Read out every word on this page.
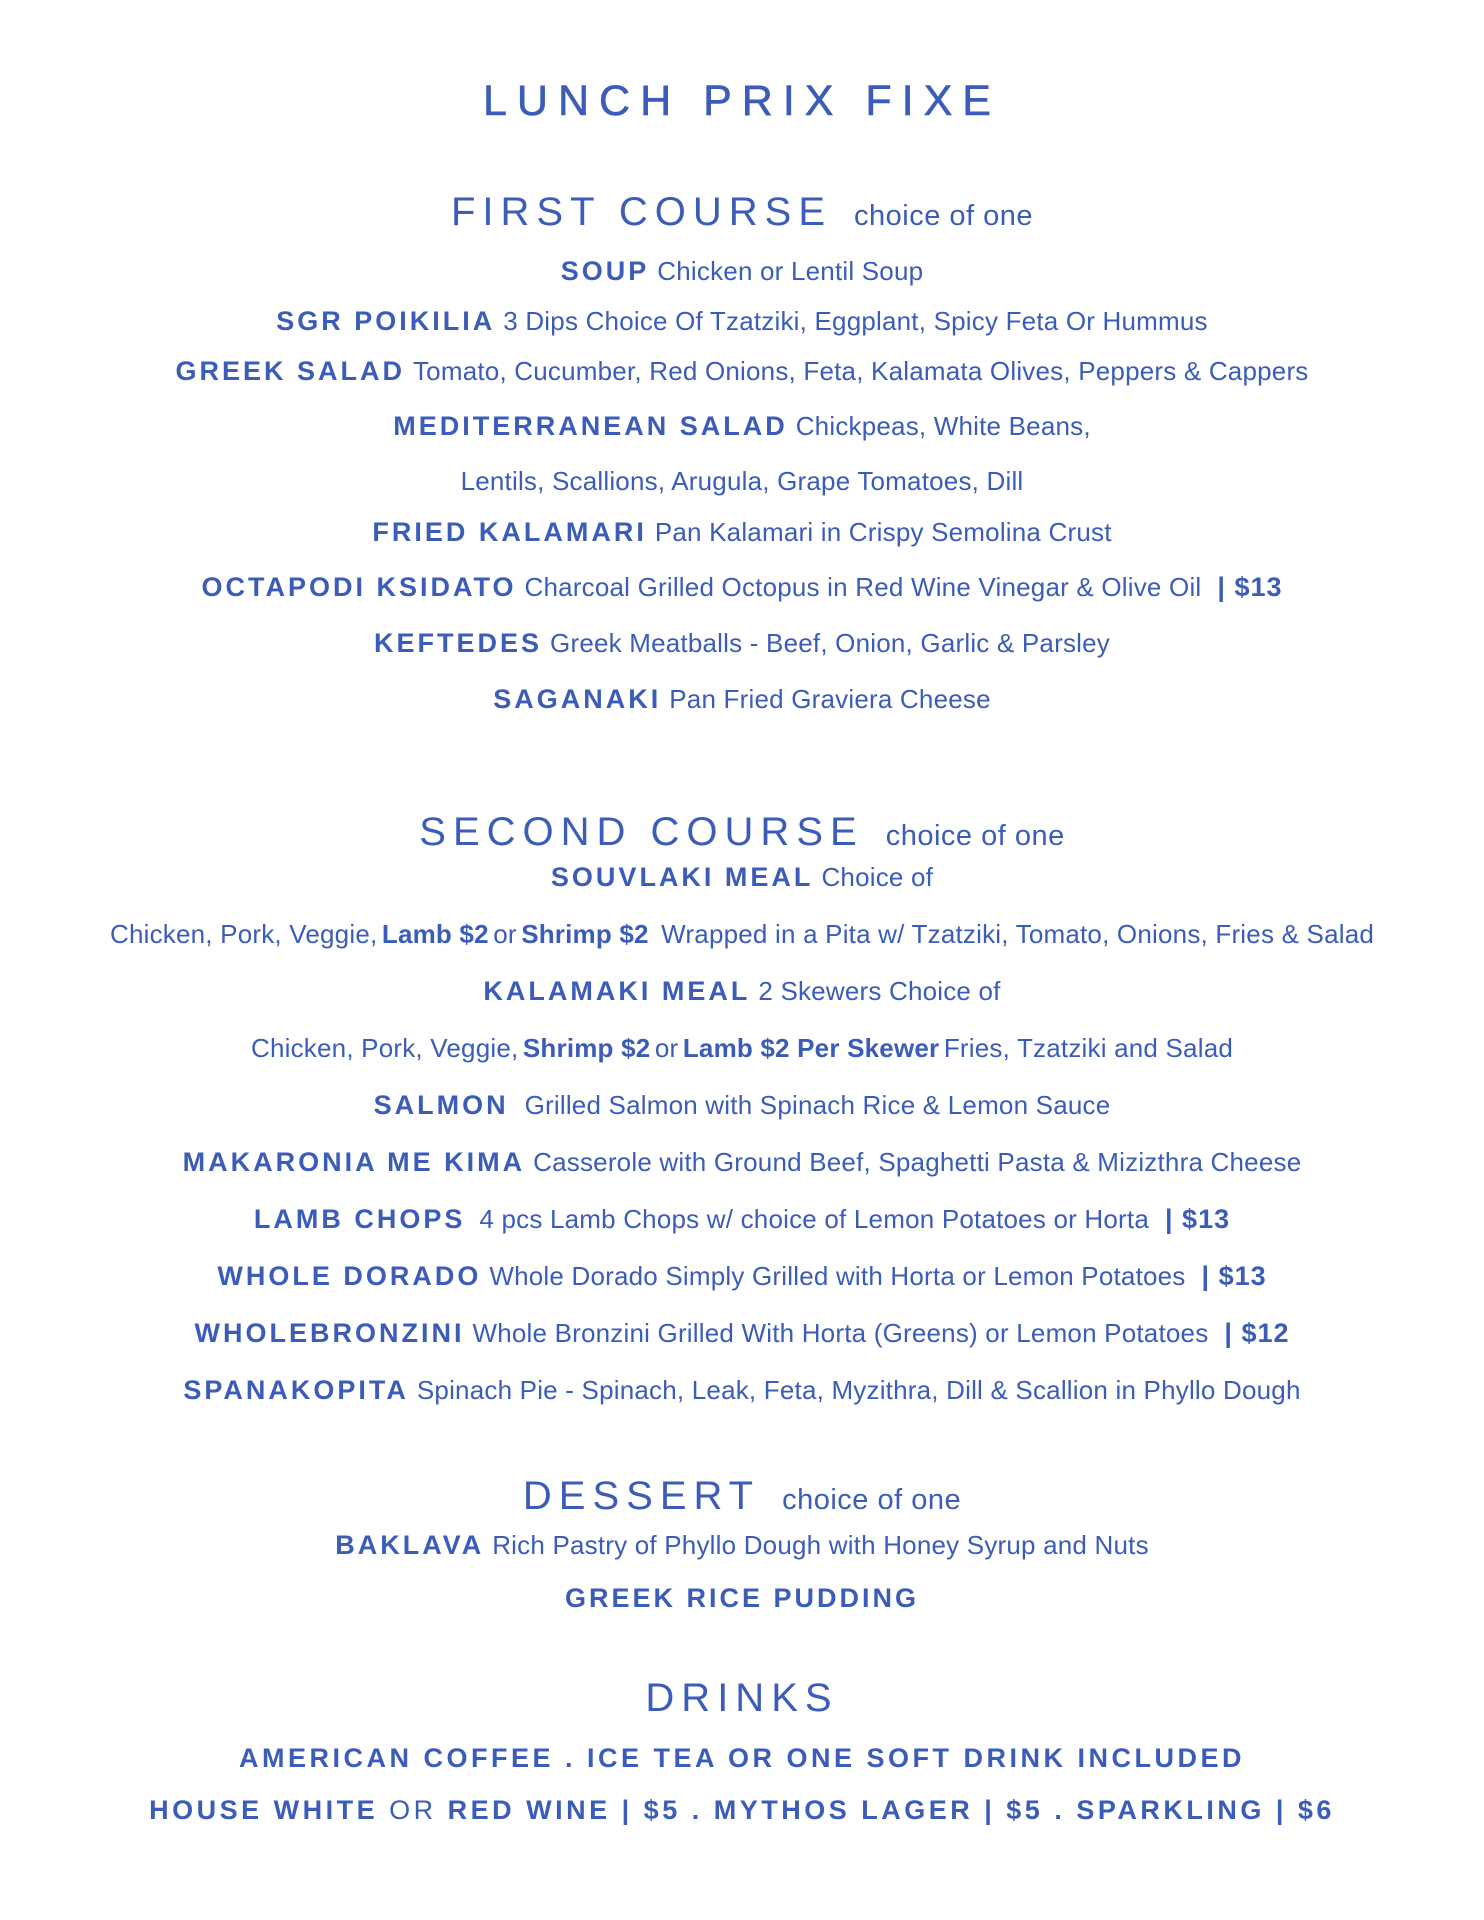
LUNCH PRIX FIXE
FIRST COURSE choice of one
SOUP Chicken or Lentil Soup
SGR POIKILIA 3 Dips Choice Of Tzatziki, Eggplant, Spicy Feta Or Hummus
GREEK SALAD Tomato, Cucumber, Red Onions, Feta, Kalamata Olives, Peppers & Cappers
MEDITERRANEAN SALAD Chickpeas, White Beans,
Lentils, Scallions, Arugula, Grape Tomatoes, Dill
FRIED KALAMARI Pan Kalamari in Crispy Semolina Crust
OCTAPODI KSIDATO Charcoal Grilled Octopus in Red Wine Vinegar & Olive Oil | $13
KEFTEDES Greek Meatballs - Beef, Onion, Garlic & Parsley
SAGANAKI Pan Fried Graviera Cheese
SECOND COURSE choice of one
SOUVLAKI MEAL Choice of
Chicken, Pork, Veggie, Lamb $2 or Shrimp $2 Wrapped in a Pita w/ Tzatziki, Tomato, Onions, Fries & Salad
KALAMAKI MEAL 2 Skewers Choice of
Chicken, Pork, Veggie, Shrimp $2 or Lamb $2 Per Skewer Fries, Tzatziki and Salad
SALMON Grilled Salmon with Spinach Rice & Lemon Sauce
MAKARONIA ME KIMA Casserole with Ground Beef, Spaghetti Pasta & Mizizthra Cheese
LAMB CHOPS 4 pcs Lamb Chops w/ choice of Lemon Potatoes or Horta | $13
WHOLE DORADO Whole Dorado Simply Grilled with Horta or Lemon Potatoes | $13
WHOLEBRONZINI Whole Bronzini Grilled With Horta (Greens) or Lemon Potatoes | $12
SPANAKOPITA Spinach Pie - Spinach, Leak, Feta, Myzithra, Dill & Scallion in Phyllo Dough
DESSERT choice of one
BAKLAVA Rich Pastry of Phyllo Dough with Honey Syrup and Nuts
GREEK RICE PUDDING
DRINKS
AMERICAN COFFEE . ICE TEA OR ONE SOFT DRINK INCLUDED
HOUSE WHITE OR RED WINE | $5 . MYTHOS LAGER | $5 . SPARKLING | $6
